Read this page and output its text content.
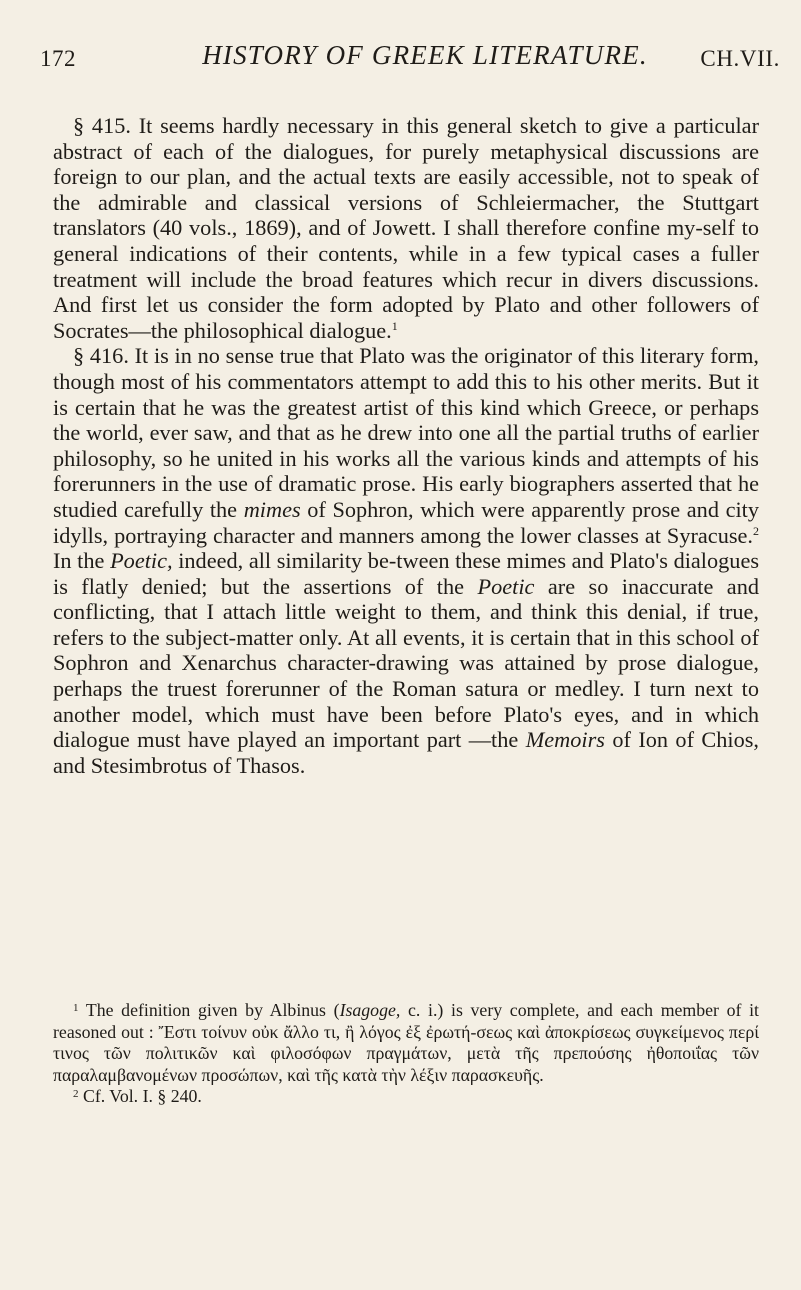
172	HISTORY OF GREEK LITERATURE.	CH.VII.

§ 415. It seems hardly necessary in this general sketch to give a particular abstract of each of the dialogues, for purely metaphysical discussions are foreign to our plan, and the actual texts are easily accessible, not to speak of the admirable and classical versions of Schleiermacher, the Stuttgart translators (40 vols., 1869), and of Jowett. I shall therefore confine my-self to general indications of their contents, while in a few typical cases a fuller treatment will include the broad features which recur in divers discussions. And first let us consider the form adopted by Plato and other followers of Socrates—the philosophical dialogue.$^1$

§ 416. It is in no sense true that Plato was the originator of this literary form, though most of his commentators attempt to add this to his other merits. But it is certain that he was the greatest artist of this kind which Greece, or perhaps the world, ever saw, and that as he drew into one all the partial truths of earlier philosophy, so he united in his works all the various kinds and attempts of his forerunners in the use of dramatic prose. His early biographers asserted that he studied carefully the mimes of Sophron, which were apparently prose and city idylls, portraying character and manners among the lower classes at Syracuse.$^2$ In the Poetic, indeed, all similarity be-tween these mimes and Plato's dialogues is flatly denied; but the assertions of the Poetic are so inaccurate and conflicting, that I attach little weight to them, and think this denial, if true, refers to the subject-matter only. At all events, it is certain that in this school of Sophron and Xenarchus character-drawing was attained by prose dialogue, perhaps the truest forerunner of the Roman satura or medley. I turn next to another model, which must have been before Plato's eyes, and in which dialogue must have played an important part —the Memoirs of Ion of Chios, and Stesimbrotus of Thasos.

$^1$ The definition given by Albinus (Isagoge, c. i.) is very complete, and each member of it reasoned out : Ἔστι τοίνυν οὐκ ἄλλο τι, ἢ λόγος ἐξ ἐρωτή-σεως καὶ ἀποκρίσεως συγκείμενος περί τινος τῶν πολιτικῶν καὶ φιλοσόφων πραγμάτων, μετὰ τῆς πρεπούσης ἠθοποιΐας τῶν παραλαμβανομένων προσώπων, καὶ τῆς κατὰ τὴν λέξιν παρασκευῆς.

$^2$ Cf. Vol. I. § 240.
